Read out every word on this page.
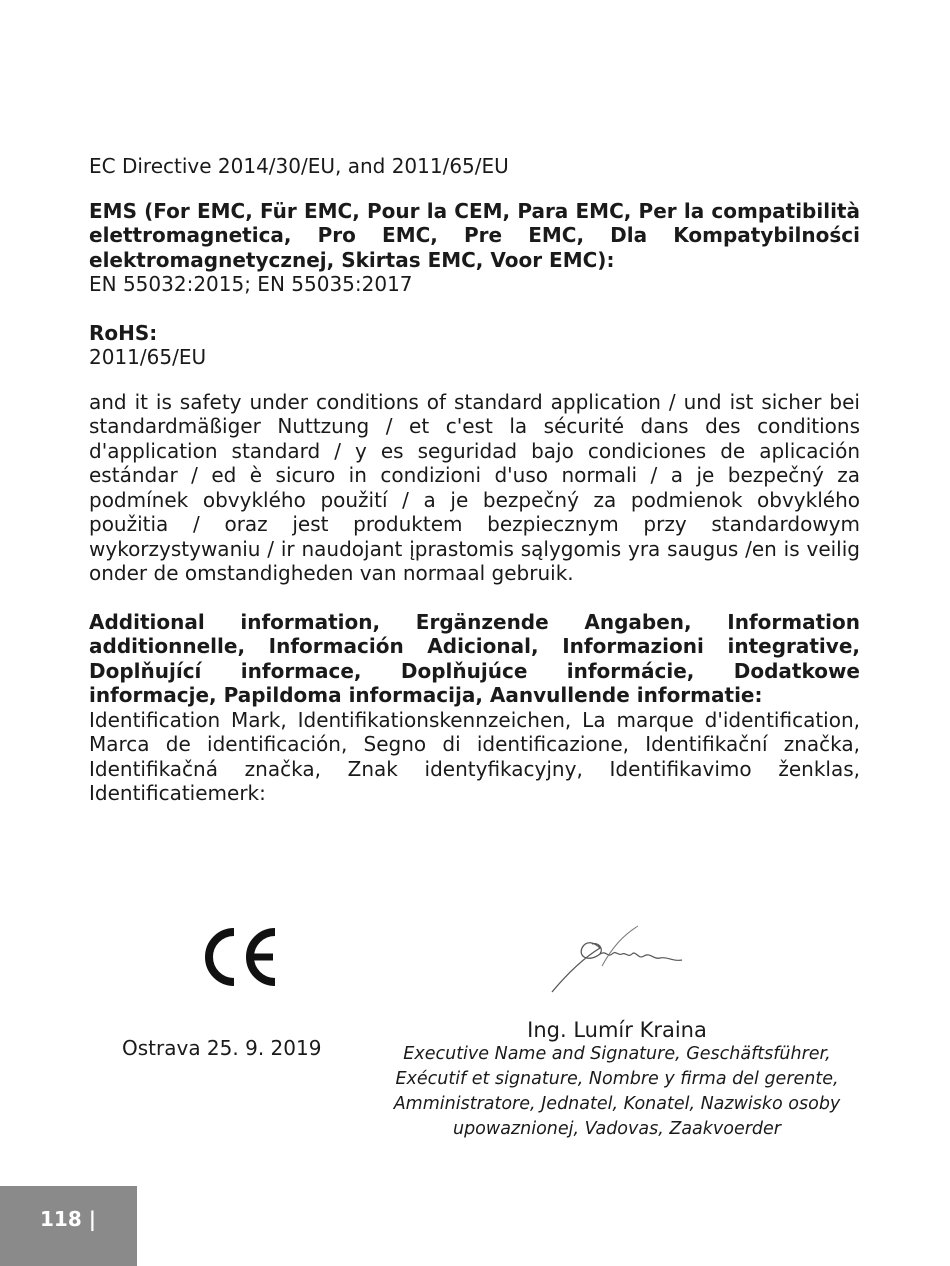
EC Directive 2014/30/EU, and 2011/65/EU

EMS (For EMC, Für EMC, Pour la CEM, Para EMC, Per la compatibilità elettromagnetica, Pro EMC, Pre EMC, Dla Kompatybilności elektromagnetycznej, Skirtas EMC, Voor EMC):

EN 55032:2015; EN 55035:2017

RoHS:

2011/65/EU

and it is safety under conditions of standard application / und ist sicher bei standardmäßiger Nuttzung / et c'est la sécurité dans des conditions d'application standard / y es seguridad bajo condiciones de aplicación estándar / ed è sicuro in condizioni d'uso normali / a je bezpečný za podmínek obvyklého použití / a je bezpečný za podmienok obvyklého použitia / oraz jest produktem bezpiecznym przy standardowym wykorzystywaniu / ir naudojant įprastomis sąlygomis yra saugus /en is veilig onder de omstandigheden van normaal gebruik.

Additional information, Ergänzende Angaben, Information additionnelle, Información Adicional, Informazioni integrative, Doplňující informace, Doplňujúce informácie, Dodatkowe informacje, Papildoma informacija, Aanvullende informatie:

Identification Mark, Identifikationskennzeichen, La marque d'identification, Marca de identificación, Segno di identificazione, Identifikační značka, Identifikačná značka, Znak identyfikacyjny, Identifikavimo ženklas, Identificatiemerk:

Ostrava 25. 9. 2019
Ing. Lumír Kraina
Executive Name and Signature, Geschäftsführer, Exécutif et signature, Nombre y firma del gerente, Amministratore, Jednatel, Konatel, Nazwisko osoby upowaznionej, Vadovas, Zaakvoerder
118 |
